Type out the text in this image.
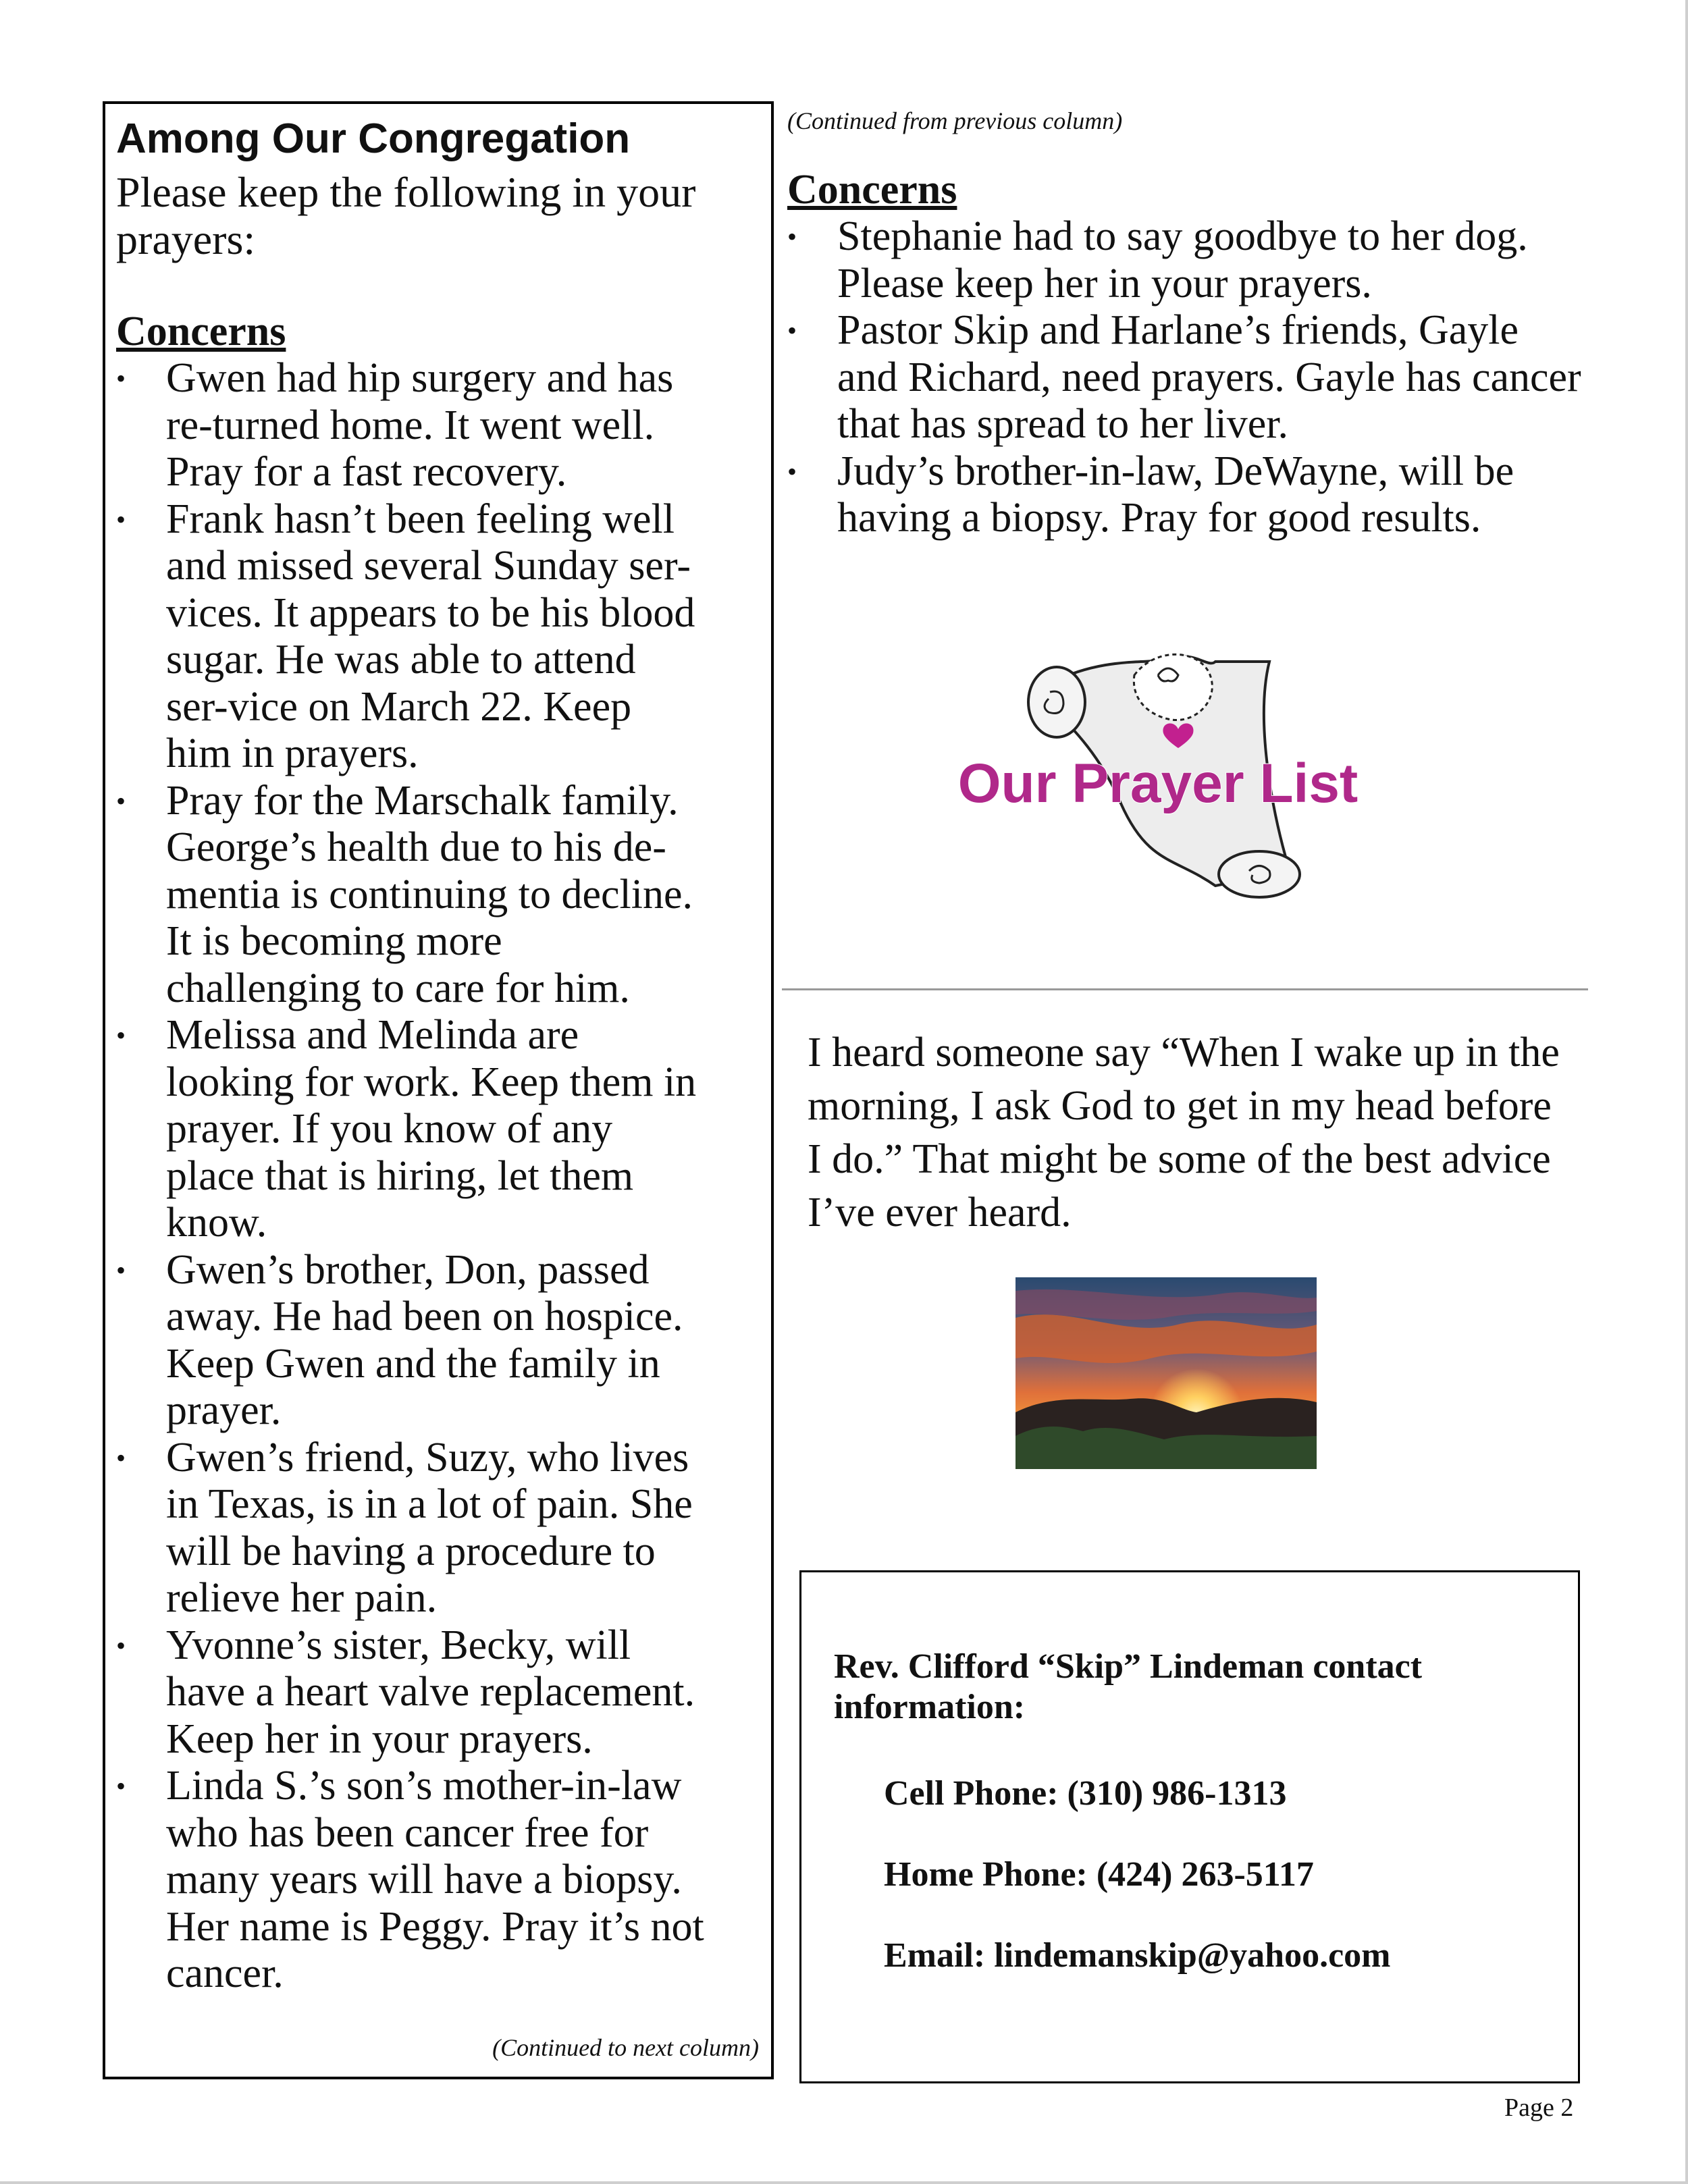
Among Our Congregation

Please keep the following in your prayers:

Concerns
• Gwen had hip surgery and has re-turned home. It went well. Pray for a fast recovery.
• Frank hasn’t been feeling well and missed several Sunday ser-vices. It appears to be his blood sugar. He was able to attend ser-vice on March 22. Keep him in prayers.
• Pray for the Marschalk family. George’s health due to his de-mentia is continuing to decline. It is becoming more challenging to care for him.
• Melissa and Melinda are looking for work. Keep them in prayer. If you know of any place that is hiring, let them know.
• Gwen’s brother, Don, passed away. He had been on hospice. Keep Gwen and the family in prayer.
• Gwen’s friend, Suzy, who lives in Texas, is in a lot of pain. She will be having a procedure to relieve her pain.
• Yvonne’s sister, Becky, will have a heart valve replacement. Keep her in your prayers.
• Linda S.’s son’s mother-in-law who has been cancer free for many years will have a biopsy. Her name is Peggy. Pray it’s not cancer.
(Continued to next column)
(Continued from previous column)
Concerns
• Stephanie had to say goodbye to her dog. Please keep her in your prayers.
• Pastor Skip and Harlane’s friends, Gayle and Richard, need prayers. Gayle has cancer that has spread to her liver.
• Judy’s brother-in-law, DeWayne, will be having a biopsy. Pray for good results.
Our Prayer List

I heard someone say “When I wake up in the morning, I ask God to get in my head before I do.” That might be some of the best advice I’ve ever heard.

Rev. Clifford “Skip” Lindeman contact information:

Cell Phone: (310) 986-1313

Home Phone: (424) 263-5117

Email: lindemanskip@yahoo.com

Page 2
